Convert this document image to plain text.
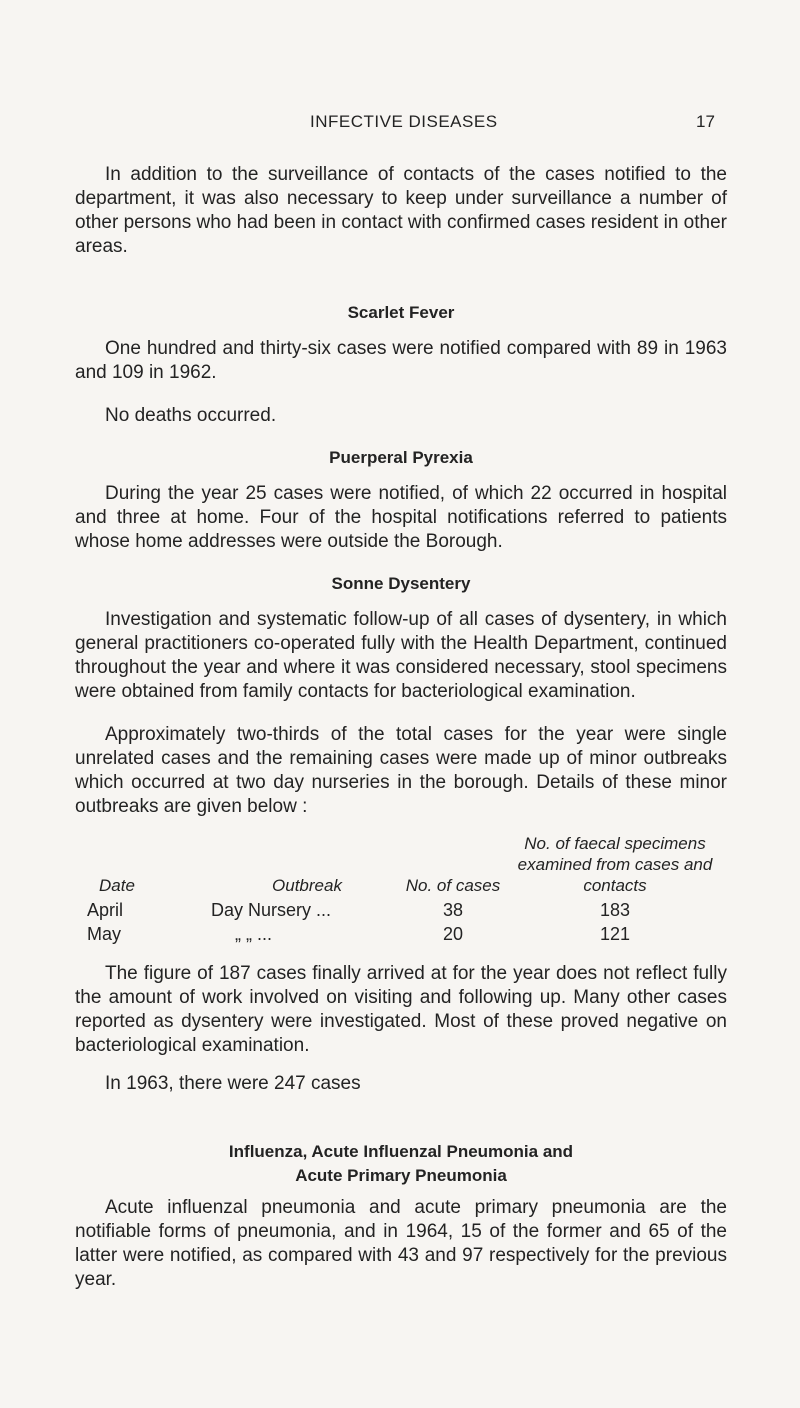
INFECTIVE DISEASES	17

In addition to the surveillance of contacts of the cases notified to the department, it was also necessary to keep under surveillance a number of other persons who had been in contact with confirmed cases resident in other areas.

Scarlet Fever

One hundred and thirty-six cases were notified compared with 89 in 1963 and 109 in 1962.

No deaths occurred.

Puerperal Pyrexia

During the year 25 cases were notified, of which 22 occurred in hospital and three at home. Four of the hospital notifications referred to patients whose home addresses were outside the Borough.

Sonne Dysentery

Investigation and systematic follow-up of all cases of dysentery, in which general practitioners co-operated fully with the Health Department, continued throughout the year and where it was considered necessary, stool specimens were obtained from family contacts for bacteriological examination.

Approximately two-thirds of the total cases for the year were single unrelated cases and the remaining cases were made up of minor outbreaks which occurred at two day nurseries in the borough. Details of these minor outbreaks are given below :

Date	Outbreak	No. of cases	No. of faecal specimens examined from cases and contacts
April	Day Nursery ...	38	183
May	„ „ ...	20	121

The figure of 187 cases finally arrived at for the year does not reflect fully the amount of work involved on visiting and following up. Many other cases reported as dysentery were investigated. Most of these proved negative on bacteriological examination.

In 1963, there were 247 cases

Influenza, Acute Influenzal Pneumonia and
Acute Primary Pneumonia

Acute influenzal pneumonia and acute primary pneumonia are the notifiable forms of pneumonia, and in 1964, 15 of the former and 65 of the latter were notified, as compared with 43 and 97 respectively for the previous year.
